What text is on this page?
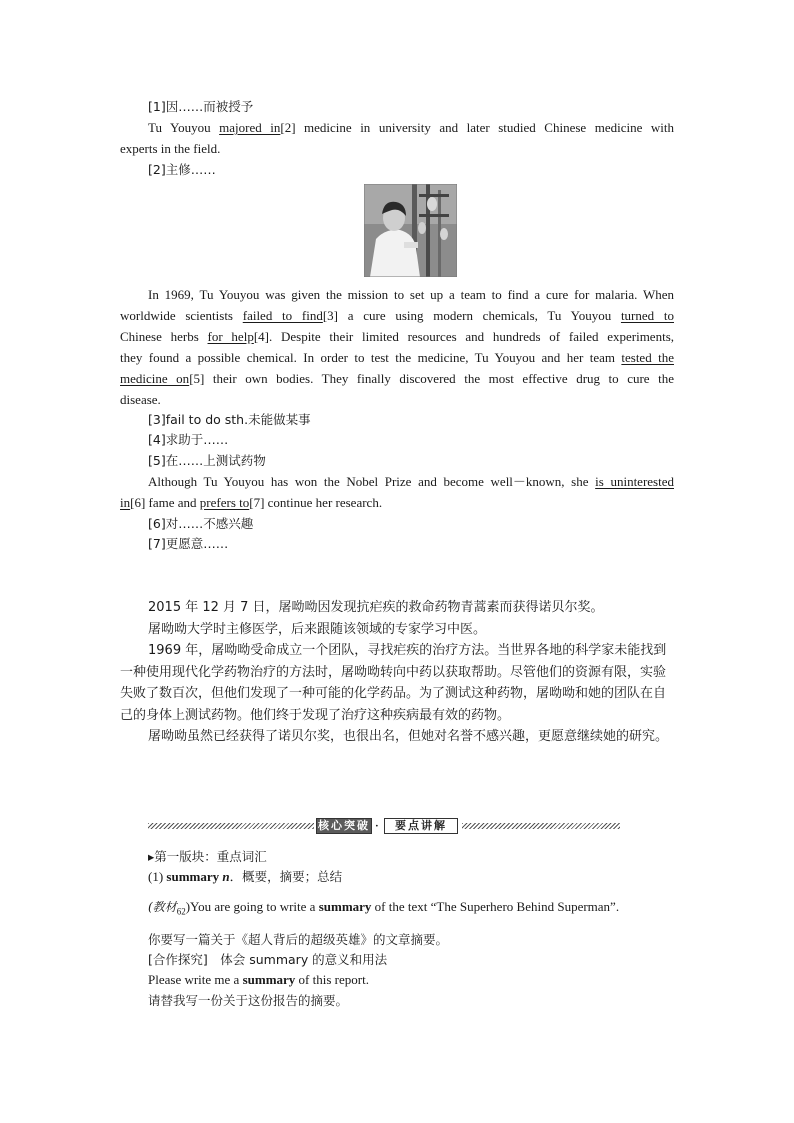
[1]因……而被授予
Tu Youyou majored in[2] medicine in university and later studied Chinese medicine with
experts in the field.
[2]主修……
In 1969, Tu Youyou was given the mission to set up a team to find a cure for malaria. When
worldwide scientists failed to find[3] a cure using modern chemicals, Tu Youyou turned to
Chinese herbs for help[4]. Despite their limited resources and hundreds of failed experiments,
they found a possible chemical. In order to test the medicine, Tu Youyou and her team tested the
medicine on[5] their own bodies. They finally discovered the most effective drug to cure the
disease.
[3]fail to do sth.未能做某事
[4]求助于……
[5]在……上测试药物
Although Tu Youyou has won the Nobel Prize and become well－known, she is uninterested
in[6] fame and prefers to[7] continue her research.
[6]对……不感兴趣
[7]更愿意……

2015 年 12 月 7 日，屠呦呦因发现抗疟疾的救命药物青蒿素而获得诺贝尔奖。

屠呦呦大学时主修医学，后来跟随该领域的专家学习中医。

1969 年，屠呦呦受命成立一个团队，寻找疟疾的治疗方法。当世界各地的科学家未能找到一种使用现代化学药物治疗的方法时，屠呦呦转向中药以获取帮助。尽管他们的资源有限，实验失败了数百次，但他们发现了一种可能的化学药品。为了测试这种药物，屠呦呦和她的团队在自己的身体上测试药物。他们终于发现了治疗这种疾病最有效的药物。

屠呦呦虽然已经获得了诺贝尔奖，也很出名，但她对名誉不感兴趣，更愿意继续她的研究。

核心突破 ·	要点讲解
▸第一版块：重点词汇
(1) summary n．概要，摘要；总结
(教材$_{62}$)You are going to write a summary of the text “The Superhero Behind Superman”.
你要写一篇关于《超人背后的超级英雄》的文章摘要。
[合作探究]　体会 summary 的意义和用法
Please write me a summary of this report.
请替我写一份关于这份报告的摘要。
